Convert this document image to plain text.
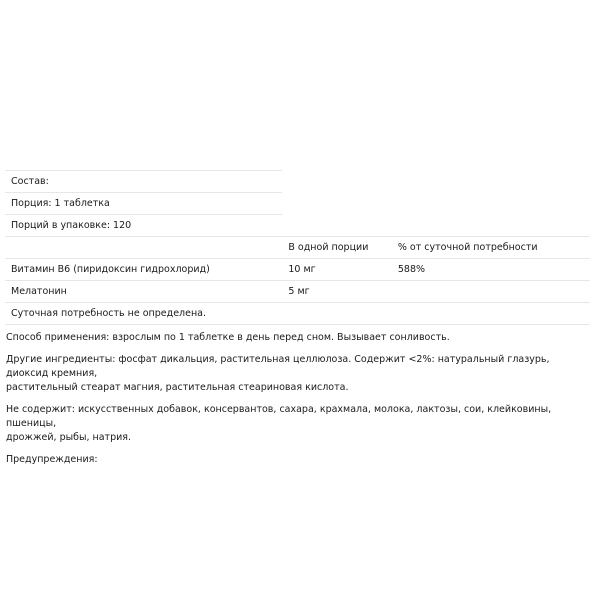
Состав:		
Порция: 1 таблетка		
Порций в упаковке: 120		
	В одной порции	% от суточной потребности
Витамин B6 (пиридоксин гидрохлорид)	10 мг	588%
Мелатонин	5 мг	
Суточная потребность не определена.		

Способ применения: взрослым по 1 таблетке в день перед сном. Вызывает сонливость.

Другие ингредиенты: фосфат дикальция, растительная целлюлоза. Содержит <2%: натуральный глазурь, диоксид кремния,
растительный стеарат магния, растительная стеариновая кислота.

Не содержит: искусственных добавок, консервантов, сахара, крахмала, молока, лактозы, сои, клейковины, пшеницы,
дрожжей, рыбы, натрия.

Предупреждения:
